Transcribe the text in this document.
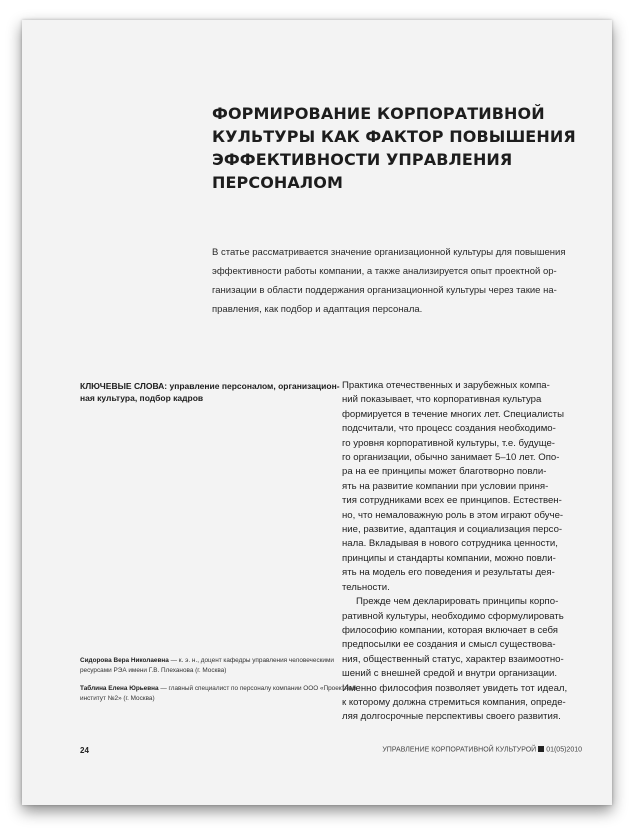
ФОРМИРОВАНИЕ КОРПОРАТИВНОЙ
КУЛЬТУРЫ КАК ФАКТОР ПОВЫШЕНИЯ
ЭФФЕКТИВНОСТИ УПРАВЛЕНИЯ
ПЕРСОНАЛОМ
В статье рассматривается значение организационной культуры для повышения
эффективности работы компании, а также анализируется опыт проектной ор-
ганизации в области поддержания организационной культуры через такие на-
правления, как подбор и адаптация персонала.
КЛЮЧЕВЫЕ СЛОВА: управление персоналом, организацион-
ная культура, подбор кадров
Практика отечественных и зарубежных компа-
ний показывает, что корпоративная культура
формируется в течение многих лет. Специалисты
подсчитали, что процесс создания необходимо-
го уровня корпоративной культуры, т.е. будуще-
го организации, обычно занимает 5–10 лет. Опо-
ра на ее принципы может благотворно повли-
ять на развитие компании при условии приня-
тия сотрудниками всех ее принципов. Естествен-
но, что немаловажную роль в этом играют обуче-
ние, развитие, адаптация и социализация персо-
нала. Вкладывая в нового сотрудника ценности,
принципы и стандарты компании, можно повли-
ять на модель его поведения и результаты дея-
тельности.
Прежде чем декларировать принципы корпо-
ративной культуры, необходимо сформулировать
философию компании, которая включает в себя
предпосылки ее создания и смысл существова-
ния, общественный статус, характер взаимоотно-
шений с внешней средой и внутри организации.
Именно философия позволяет увидеть тот идеал,
к которому должна стремиться компания, опреде-
ляя долгосрочные перспективы своего развития.
Сидорова Вера Николаевна — к. э. н., доцент кафедры управления человеческими
ресурсами РЭА имени Г.В. Плеханова (г. Москва)
Таблина Елена Юрьевна — главный специалист по персоналу компании ООО «Проектный
институт №2» (г. Москва)
24	УПРАВЛЕНИЕ КОРПОРАТИВНОЙ КУЛЬТУРОЙ 01(05)2010
